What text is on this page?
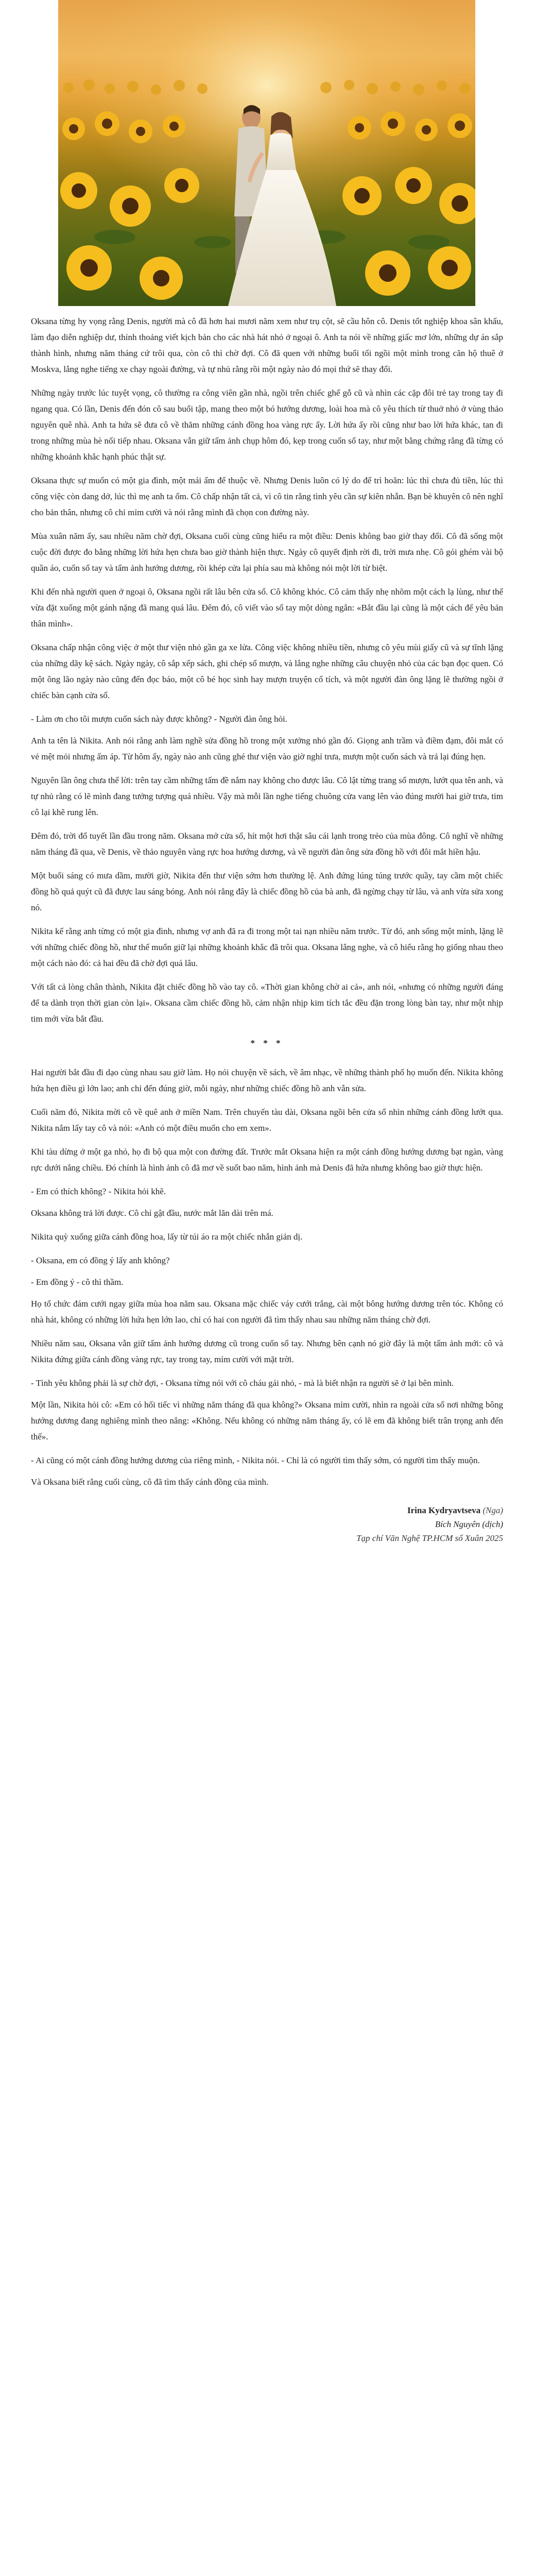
Oksana từng hy vọng rằng Denis, người mà cô đã hơn hai mươi năm xem như trụ cột, sẽ cầu hôn cô. Denis tốt nghiệp khoa sân khấu, làm đạo diễn nghiệp dư, thỉnh thoảng viết kịch bản cho các nhà hát nhỏ ở ngoại ô. Anh ta nói về những giấc mơ lớn, những dự án sắp thành hình, nhưng năm tháng cứ trôi qua, còn cô thì chờ đợi. Cô đã quen với những buổi tối ngồi một mình trong căn hộ thuê ở Moskva, lắng nghe tiếng xe chạy ngoài đường, và tự nhủ rằng rồi một ngày nào đó mọi thứ sẽ thay đổi.

Những ngày trước lúc tuyệt vọng, cô thường ra công viên gần nhà, ngồi trên chiếc ghế gỗ cũ và nhìn các cặp đôi trẻ tay trong tay đi ngang qua. Có lần, Denis đến đón cô sau buổi tập, mang theo một bó hướng dương, loài hoa mà cô yêu thích từ thuở nhỏ ở vùng thảo nguyên quê nhà. Anh ta hứa sẽ đưa cô về thăm những cánh đồng hoa vàng rực ấy. Lời hứa ấy rồi cũng như bao lời hứa khác, tan đi trong những mùa hè nối tiếp nhau. Oksana vẫn giữ tấm ảnh chụp hôm đó, kẹp trong cuốn sổ tay, như một bằng chứng rằng đã từng có những khoảnh khắc hạnh phúc thật sự.

Oksana thực sự muốn có một gia đình, một mái ấm để thuộc về. Nhưng Denis luôn có lý do để trì hoãn: lúc thì chưa đủ tiền, lúc thì công việc còn dang dở, lúc thì mẹ anh ta ốm. Cô chấp nhận tất cả, vì cô tin rằng tình yêu cần sự kiên nhẫn. Bạn bè khuyên cô nên nghĩ cho bản thân, nhưng cô chỉ mỉm cười và nói rằng mình đã chọn con đường này.

Mùa xuân năm ấy, sau nhiều năm chờ đợi, Oksana cuối cùng cũng hiểu ra một điều: Denis không bao giờ thay đổi. Cô đã sống một cuộc đời được đo bằng những lời hứa hẹn chưa bao giờ thành hiện thực. Ngày cô quyết định rời đi, trời mưa nhẹ. Cô gói ghém vài bộ quần áo, cuốn sổ tay và tấm ảnh hướng dương, rồi khép cửa lại phía sau mà không nói một lời từ biệt.

Khi đến nhà người quen ở ngoại ô, Oksana ngồi rất lâu bên cửa sổ. Cô không khóc. Cô cảm thấy nhẹ nhõm một cách lạ lùng, như thể vừa đặt xuống một gánh nặng đã mang quá lâu. Đêm đó, cô viết vào sổ tay một dòng ngắn: «Bắt đầu lại cũng là một cách để yêu bản thân mình».

Oksana chấp nhận công việc ở một thư viện nhỏ gần ga xe lửa. Công việc không nhiều tiền, nhưng cô yêu mùi giấy cũ và sự tĩnh lặng của những dãy kệ sách. Ngày ngày, cô sắp xếp sách, ghi chép sổ mượn, và lắng nghe những câu chuyện nhỏ của các bạn đọc quen. Có một ông lão ngày nào cũng đến đọc báo, một cô bé học sinh hay mượn truyện cổ tích, và một người đàn ông lặng lẽ thường ngồi ở chiếc bàn cạnh cửa sổ.

- Làm ơn cho tôi mượn cuốn sách này được không? - Người đàn ông hỏi.

Anh ta tên là Nikita. Anh nói rằng anh làm nghề sửa đồng hồ trong một xưởng nhỏ gần đó. Giọng anh trầm và điềm đạm, đôi mắt có vẻ mệt mỏi nhưng ấm áp. Từ hôm ấy, ngày nào anh cũng ghé thư viện vào giờ nghỉ trưa, mượn một cuốn sách và trả lại đúng hẹn.

Nguyên lần ông chưa thể lời: trên tay cầm những tấm đề nắm nay không cho được lâu. Cô lật từng trang sổ mượn, lướt qua tên anh, và tự nhủ rằng có lẽ mình đang tưởng tượng quá nhiều. Vậy mà mỗi lần nghe tiếng chuông cửa vang lên vào đúng mười hai giờ trưa, tim cô lại khẽ rung lên.

Đêm đó, trời đổ tuyết lần đầu trong năm. Oksana mở cửa sổ, hít một hơi thật sâu cái lạnh trong trẻo của mùa đông. Cô nghĩ về những năm tháng đã qua, về Denis, về thảo nguyên vàng rực hoa hướng dương, và về người đàn ông sửa đồng hồ với đôi mắt hiền hậu.

Một buổi sáng có mưa dầm, mười giờ, Nikita đến thư viện sớm hơn thường lệ. Anh đứng lúng túng trước quầy, tay cầm một chiếc đồng hồ quả quýt cũ đã được lau sáng bóng. Anh nói rằng đây là chiếc đồng hồ của bà anh, đã ngừng chạy từ lâu, và anh vừa sửa xong nó.

Nikita kể rằng anh từng có một gia đình, nhưng vợ anh đã ra đi trong một tai nạn nhiều năm trước. Từ đó, anh sống một mình, lặng lẽ với những chiếc đồng hồ, như thể muốn giữ lại những khoảnh khắc đã trôi qua. Oksana lắng nghe, và cô hiểu rằng họ giống nhau theo một cách nào đó: cả hai đều đã chờ đợi quá lâu.

Với tất cả lòng chân thành, Nikita đặt chiếc đồng hồ vào tay cô. «Thời gian không chờ ai cả», anh nói, «nhưng có những người đáng để ta dành trọn thời gian còn lại». Oksana cầm chiếc đồng hồ, cảm nhận nhịp kim tích tắc đều đặn trong lòng bàn tay, như một nhịp tim mới vừa bắt đầu.

* * *

Hai người bắt đầu đi dạo cùng nhau sau giờ làm. Họ nói chuyện về sách, về âm nhạc, về những thành phố họ muốn đến. Nikita không hứa hẹn điều gì lớn lao; anh chỉ đến đúng giờ, mỗi ngày, như những chiếc đồng hồ anh vẫn sửa.

Cuối năm đó, Nikita mời cô về quê anh ở miền Nam. Trên chuyến tàu dài, Oksana ngồi bên cửa sổ nhìn những cánh đồng lướt qua. Nikita nắm lấy tay cô và nói: «Anh có một điều muốn cho em xem».

Khi tàu dừng ở một ga nhỏ, họ đi bộ qua một con đường đất. Trước mắt Oksana hiện ra một cánh đồng hướng dương bạt ngàn, vàng rực dưới nắng chiều. Đó chính là hình ảnh cô đã mơ về suốt bao năm, hình ảnh mà Denis đã hứa nhưng không bao giờ thực hiện.

- Em có thích không? - Nikita hỏi khẽ.

Oksana không trả lời được. Cô chỉ gật đầu, nước mắt lăn dài trên má.

Nikita quỳ xuống giữa cánh đồng hoa, lấy từ túi áo ra một chiếc nhẫn giản dị.

- Oksana, em có đồng ý lấy anh không?

- Em đồng ý - cô thì thầm.

Họ tổ chức đám cưới ngay giữa mùa hoa năm sau. Oksana mặc chiếc váy cưới trắng, cài một bông hướng dương trên tóc. Không có nhà hát, không có những lời hứa hẹn lớn lao, chỉ có hai con người đã tìm thấy nhau sau những năm tháng chờ đợi.

Nhiều năm sau, Oksana vẫn giữ tấm ảnh hướng dương cũ trong cuốn sổ tay. Nhưng bên cạnh nó giờ đây là một tấm ảnh mới: cô và Nikita đứng giữa cánh đồng vàng rực, tay trong tay, mỉm cười với mặt trời.

- Tình yêu không phải là sự chờ đợi, - Oksana từng nói với cô cháu gái nhỏ, - mà là biết nhận ra người sẽ ở lại bên mình.

Một lần, Nikita hỏi cô: «Em có hối tiếc vì những năm tháng đã qua không?» Oksana mỉm cười, nhìn ra ngoài cửa sổ nơi những bông hướng dương đang nghiêng mình theo nắng: «Không. Nếu không có những năm tháng ấy, có lẽ em đã không biết trân trọng anh đến thế».

- Ai cũng có một cánh đồng hướng dương của riêng mình, - Nikita nói. - Chỉ là có người tìm thấy sớm, có người tìm thấy muộn.

Và Oksana biết rằng cuối cùng, cô đã tìm thấy cánh đồng của mình.

Irina Kydryavtseva (Nga)
Bích Nguyên (dịch)
Tạp chí Văn Nghệ TP.HCM số Xuân 2025
